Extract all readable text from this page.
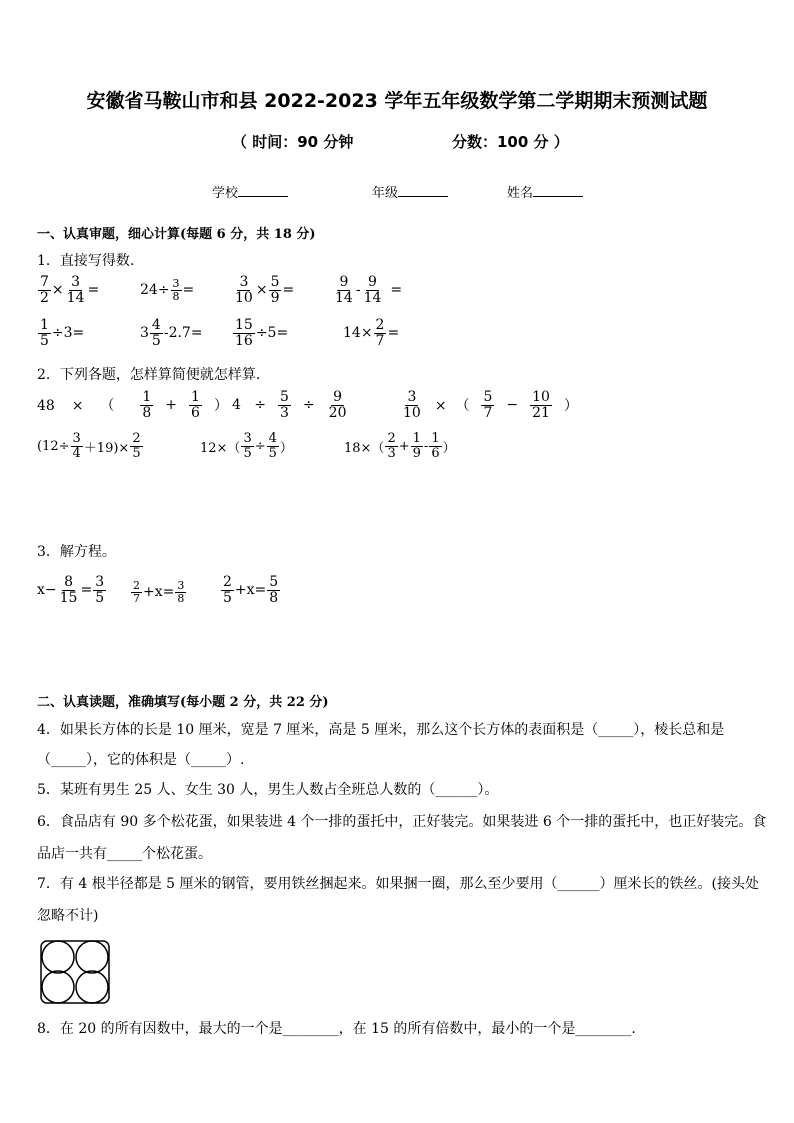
安徽省马鞍山市和县 2022-2023 学年五年级数学第二学期期末预测试题
（ 时间：90 分钟	分数：100 分 ）
学校	年级	姓名
一、认真审题，细心计算(每题 6 分，共 18 分)
1．直接写得数.
$\frac{7}{2} \times \frac{3}{14}$ =	$24\div \frac{3}{8}$ =	$\frac{3}{10} \times \frac{5}{9}$ =	$\frac{9}{14} - \frac{9}{14}$ =
$\frac{1}{5} \div 3=$	$3 \frac{4}{5} -2.7= \frac{15}{16} \div 5=$	$14\times \frac{2}{7}$ =
2．下列各题，怎样算简便就怎样算.
48  ×  （ $\frac{1}{8} + \frac{1}{6}$ ） $4 \div \frac{5}{3} \div \frac{9}{20}$	$\frac{3}{10}$ ×  （ $\frac{5}{7} - \frac{10}{21}$ ）
$(12\div \frac{3}{4} +19)\times \frac{2}{5}$	$12\times( \frac{3}{5} \div \frac{4}{5}$ ）	$18\times( \frac{2}{3} + \frac{1}{9} - \frac{1}{6}$ ）
3．解方程。
$x- \frac{8}{15} = \frac{3}{5} \frac{2}{7} +x= \frac{3}{8} \frac{2}{5} +x= \frac{5}{8}$
二、认真读题，准确填写(每小题 2 分，共 22 分)
4．如果长方体的长是 10 厘米，宽是 7 厘米，高是 5 厘米，那么这个长方体的表面积是（_____），棱长总和是
（_____），它的体积是（_____）.
5．某班有男生 25 人、女生 30 人，男生人数占全班总人数的（______）。
6．食品店有 90 多个松花蛋，如果装进 4 个一排的蛋托中，正好装完。如果装进 6 个一排的蛋托中，也正好装完。食
品店一共有_____个松花蛋。
7．有 4 根半径都是 5 厘米的钢管，要用铁丝捆起来。如果捆一圈，那么至少要用（______）厘米长的铁丝。(接头处
忽略不计)
8．在 20 的所有因数中，最大的一个是________，在 15 的所有倍数中，最小的一个是________.
